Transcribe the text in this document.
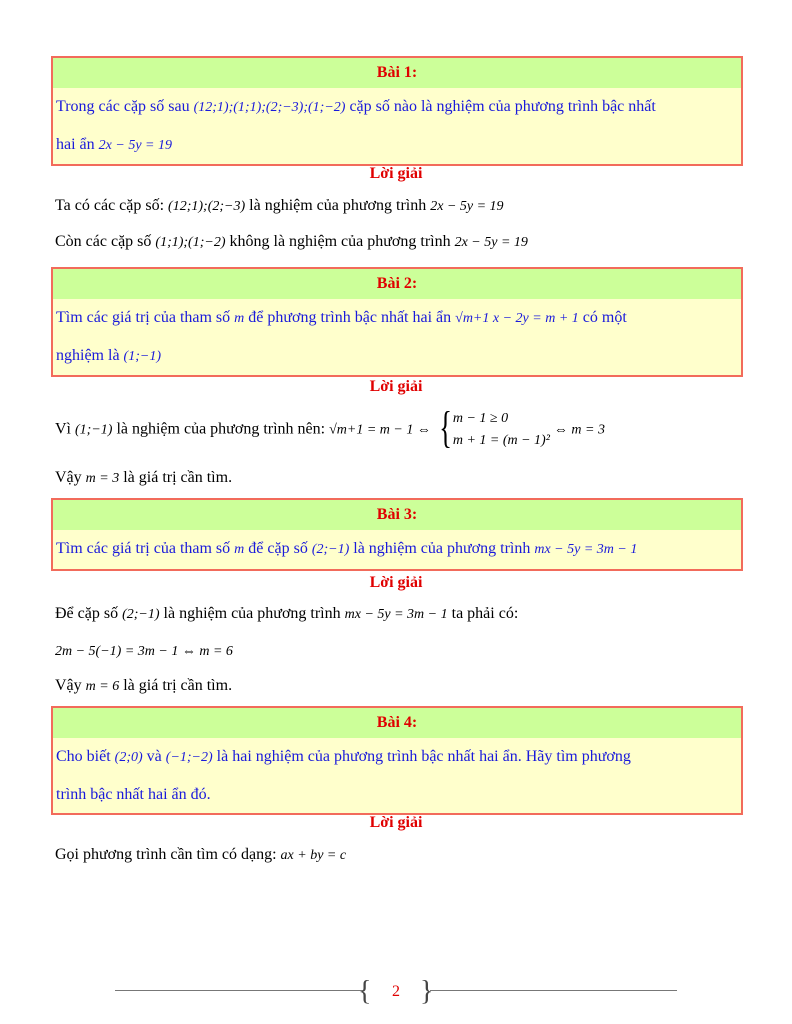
Bài 1:
Trong các cặp số sau (12;1);(1;1);(2;−3);(1;−2) cặp số nào là nghiệm của phương trình bậc nhất
hai ẩn 2x − 5y = 19
Lời giải
Ta có các cặp số: (12;1);(2;−3) là nghiệm của phương trình 2x − 5y = 19
Còn các cặp số (1;1);(1;−2) không là nghiệm của phương trình 2x − 5y = 19
Bài 2:
Tìm các giá trị của tham số m để phương trình bậc nhất hai ẩn √m+1 x − 2y = m + 1 có một
nghiệm là (1;−1)
Lời giải
Vì (1;−1) là nghiệm của phương trình nên: √m+1 = m − 1 ⇔ { m − 1 ≥ 0
m + 1 = (m − 1)²
⇔ m = 3
Vậy m = 3 là giá trị cần tìm.
Bài 3:
Tìm các giá trị của tham số m để cặp số (2;−1) là nghiệm của phương trình mx − 5y = 3m − 1
Lời giải
Để cặp số (2;−1) là nghiệm của phương trình mx − 5y = 3m − 1 ta phải có:
2m − 5(−1) = 3m − 1 ⇔ m = 6
Vậy m = 6 là giá trị cần tìm.
Bài 4:
Cho biết (2;0) và (−1;−2) là hai nghiệm của phương trình bậc nhất hai ẩn. Hãy tìm phương
trình bậc nhất hai ẩn đó.
Lời giải
Gọi phương trình cần tìm có dạng: ax + by = c
{ }
2
